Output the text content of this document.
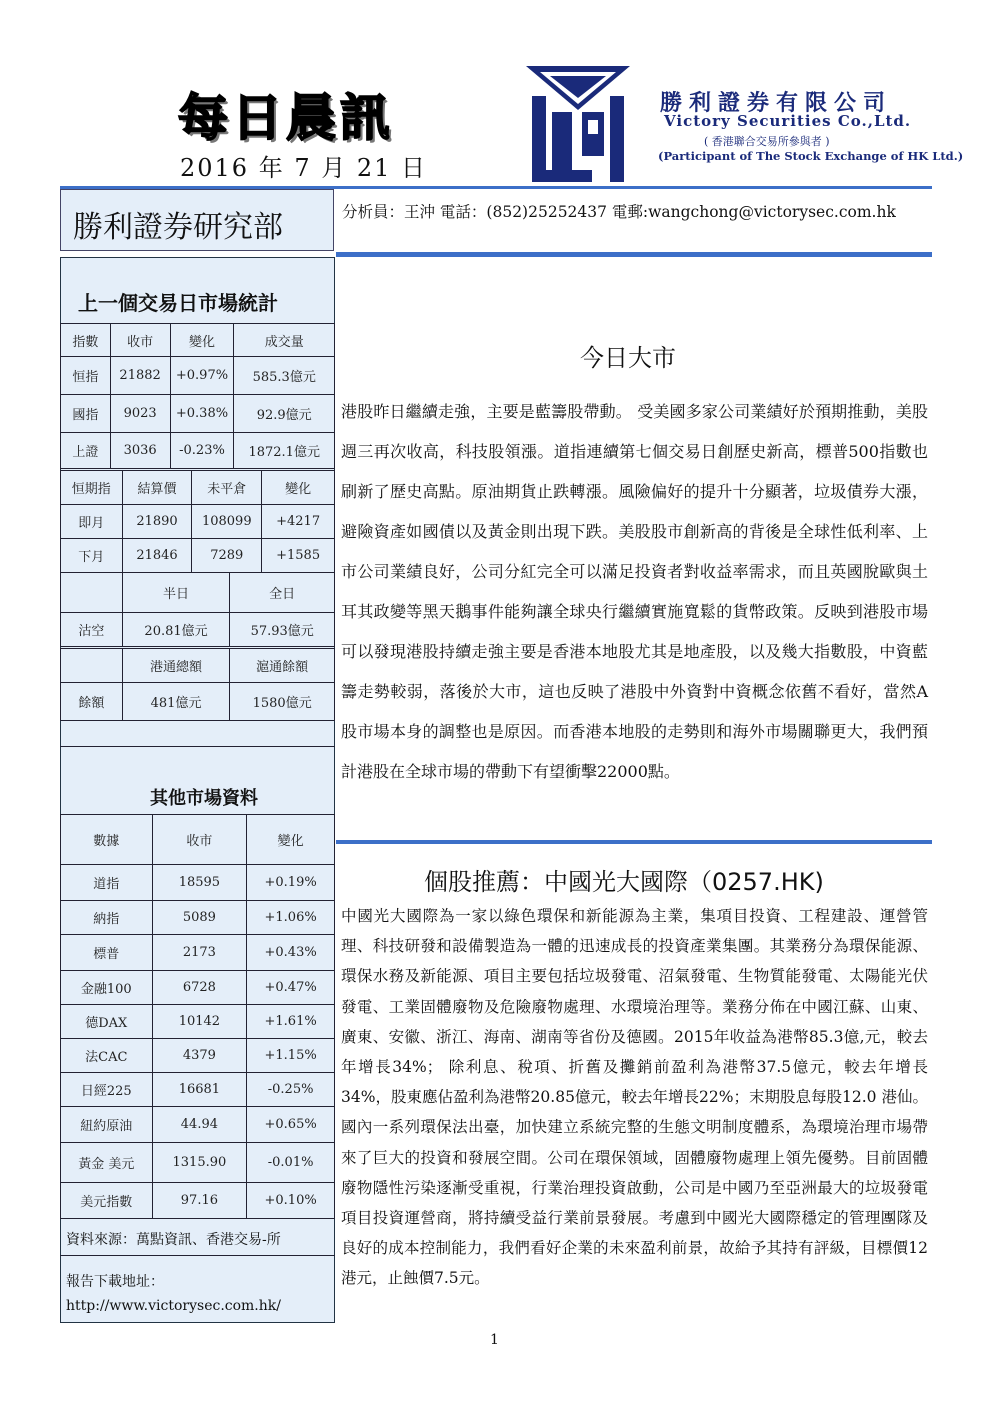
每日晨訊
2016 年 7 月 21 日
勝利證券有限公司
Victory Securities Co.,Ltd.
( 香港聯合交易所參與者 )
(Participant of The Stock Exchange of HK Ltd.)
勝利證券研究部	分析員：王沖 電話：(852)25252437 電郵:wangchong@victorysec.com.hk
上一個交易日市場統計
指數	收市	變化	成交量
恒指	21882	+0.97%	585.3億元
國指	9023	+0.38%	92.9億元
上證	3036	-0.23%	1872.1億元
恒期指	結算價	未平倉	變化
即月	21890	108099	+4217
下月	21846	7289	+1585
	半日	全日
沽空	20.81億元	57.93億元
	港通總額	滬通餘額
餘額	481億元	1580億元
其他市場資料
數據	收市	變化
道指	18595	+0.19%
納指	5089	+1.06%
標普	2173	+0.43%
金融100	6728	+0.47%
德DAX	10142	+1.61%
法CAC	4379	+1.15%
日經225	16681	-0.25%
紐約原油	44.94	+0.65%
黃金 美元	1315.90	-0.01%
美元指數	97.16	+0.10%
資料來源：萬點資訊、香港交易-所
報告下載地址：
http://www.victorysec.com.hk/
今日大市
港股昨日繼續走強，主要是藍籌股帶動。 受美國多家公司業績好於預期推動，美股週三再次收高，科技股領漲。道指連續第七個交易日創歷史新高，標普500指數也刷新了歷史高點。原油期貨止跌轉漲。風險偏好的提升十分顯著，垃圾債券大漲，避險資產如國債以及黃金則出現下跌。美股股市創新高的背後是全球性低利率、上市公司業績良好，公司分紅完全可以滿足投資者對收益率需求，而且英國脫歐與土耳其政變等黑天鵝事件能夠讓全球央行繼續實施寬鬆的貨幣政策。反映到港股市場可以發現港股持續走強主要是香港本地股尤其是地產股，以及幾大指數股，中資藍籌走勢較弱，落後於大市，這也反映了港股中外資對中資概念依舊不看好，當然A股市場本身的調整也是原因。而香港本地股的走勢則和海外市場關聯更大，我們預計港股在全球市場的帶動下有望衝擊22000點。
個股推薦：中國光大國際（0257.HK)
中國光大國際為一家以綠色環保和新能源為主業，集項目投資、工程建設、運營管理、科技研發和設備製造為一體的迅速成長的投資產業集團。其業務分為環保能源、環保水務及新能源、項目主要包括垃圾發電、沼氣發電、生物質能發電、太陽能光伏發電、工業固體廢物及危險廢物處理、水環境治理等。業務分佈在中國江蘇、山東、廣東、安徽、浙江、海南、湖南等省份及德國。2015年收益為港幣85.3億,元，較去年增長34%； 除利息、稅項、折舊及攤銷前盈利為港幣37.5億元，較去年增長34%，股東應佔盈利為港幣20.85億元，較去年增長22%；末期股息每股12.0 港仙。國內一系列環保法出臺，加快建立系統完整的生態文明制度體系，為環境治理市場帶來了巨大的投資和發展空間。公司在環保領域，固體廢物處理上領先優勢。目前固體廢物隱性污染逐漸受重視，行業治理投資啟動，公司是中國乃至亞洲最大的垃圾發電項目投資運營商，將持續受益行業前景發展。考慮到中國光大國際穩定的管理團隊及良好的成本控制能力，我們看好企業的未來盈利前景，故給予其持有評級，目標價12港元，止蝕價7.5元。
1
